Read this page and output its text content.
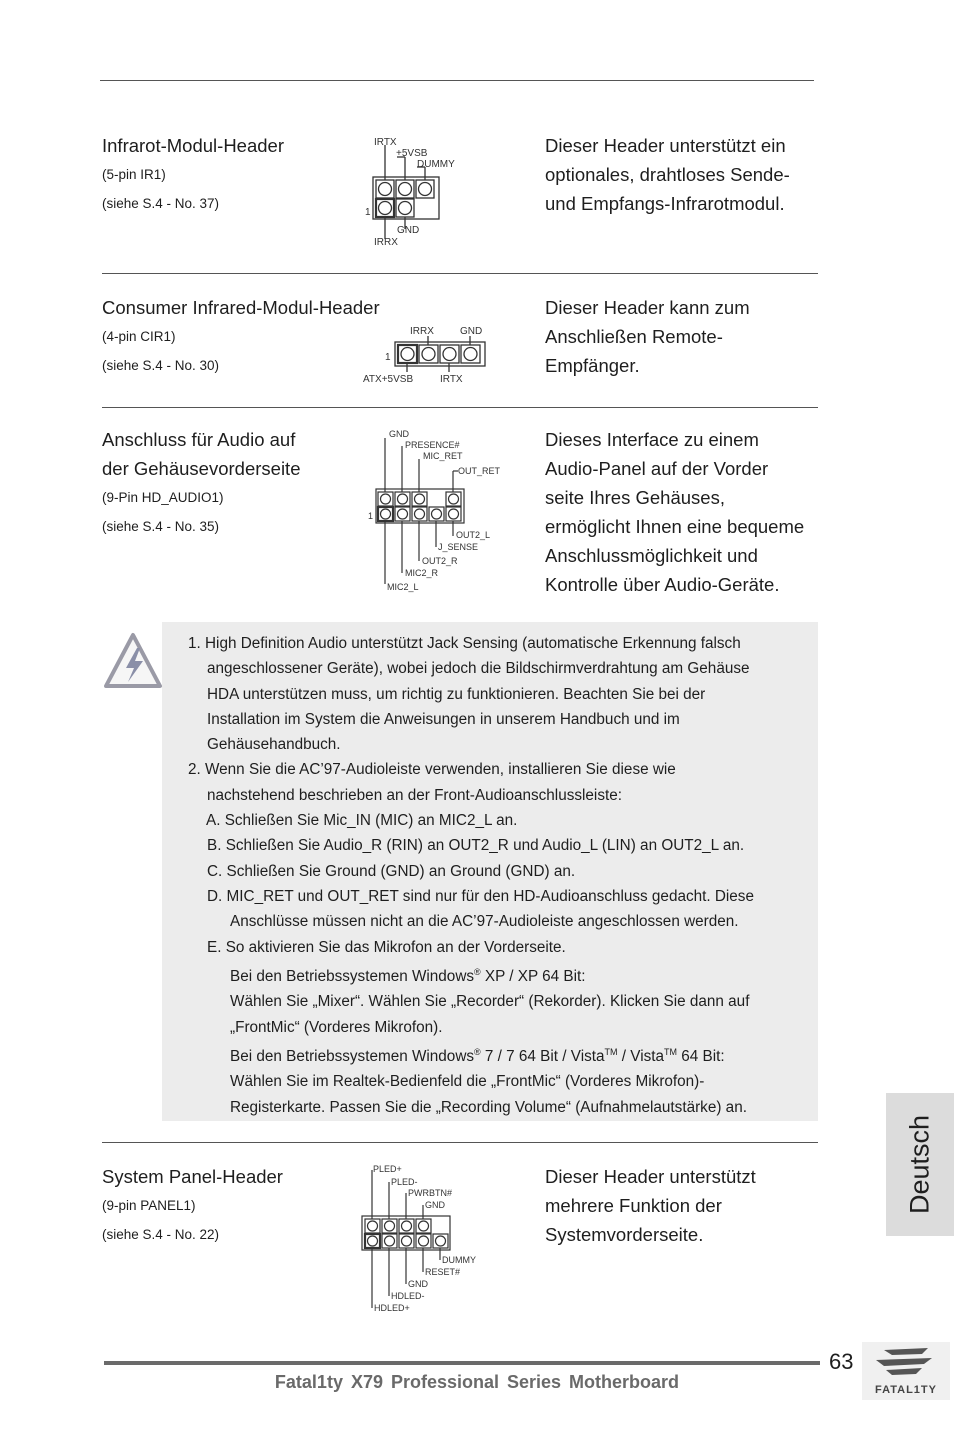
Infrarot-Modul-Header
(5-pin IR1)
(siehe S.4 - No. 37)
IRTX
+5VSB
DUMMY
1
GND
IRRX
Dieser Header unterstützt ein
optionales, drahtloses Sende-
und Empfangs-Infrarotmodul.
Consumer Infrared-Modul-Header
(4-pin CIR1)
(siehe S.4 - No. 30)
IRRX	GND
1
ATX+5VSB	IRTX
Dieser Header kann zum
Anschließen Remote-
Empfänger.
Anschluss für Audio auf
der Gehäusevorderseite
(9-Pin HD_AUDIO1)
(siehe S.4 - No. 35)
GND
PRESENCE#
MIC_RET
OUT_RET
1
OUT2_L
J_SENSE
OUT2_R
MIC2_R
MIC2_L
Dieses Interface zu einem
Audio-Panel auf der Vorder
seite Ihres Gehäuses,
ermöglicht Ihnen eine bequeme
Anschlussmöglichkeit und
Kontrolle über Audio-Geräte.
1. High Definition Audio unterstützt Jack Sensing (automatische Erkennung falsch
angeschlossener Geräte), wobei jedoch die Bildschirmverdrahtung am Gehäuse
HDA unterstützen muss, um richtig zu funktionieren. Beachten Sie bei der
Installation im System die Anweisungen in unserem Handbuch und im
Gehäusehandbuch.
2. Wenn Sie die AC’97-Audioleiste verwenden, installieren Sie diese wie
nachstehend beschrieben an der Front-Audioanschlussleiste:
A. Schließen Sie Mic_IN (MIC) an MIC2_L an.
B. Schließen Sie Audio_R (RIN) an OUT2_R und Audio_L (LIN) an OUT2_L an.
C. Schließen Sie Ground (GND) an Ground (GND) an.
D. MIC_RET und OUT_RET sind nur für den HD-Audioanschluss gedacht. Diese
Anschlüsse müssen nicht an die AC’97-Audioleiste angeschlossen werden.
E. So aktivieren Sie das Mikrofon an der Vorderseite.
Bei den Betriebssystemen Windows® XP / XP 64 Bit:
Wählen Sie „Mixer“. Wählen Sie „Recorder“ (Rekorder). Klicken Sie dann auf
„FrontMic“ (Vorderes Mikrofon).
Bei den Betriebssystemen Windows® 7 / 7 64 Bit / Vista™ / Vista™ 64 Bit:
Wählen Sie im Realtek-Bedienfeld die „FrontMic“ (Vorderes Mikrofon)-
Registerkarte. Passen Sie die „Recording Volume“ (Aufnahmelautstärke) an.
System Panel-Header
(9-pin PANEL1)
(siehe S.4 - No. 22)
PLED+
PLED-
PWRBTN#
GND
DUMMY
RESET#
GND
HDLED-
HDLED+
Dieser Header unterstützt
mehrere Funktion der
Systemvorderseite.
Deutsch
63
Fatal1ty X79 Professional Series Motherboard	FATAL1TY
